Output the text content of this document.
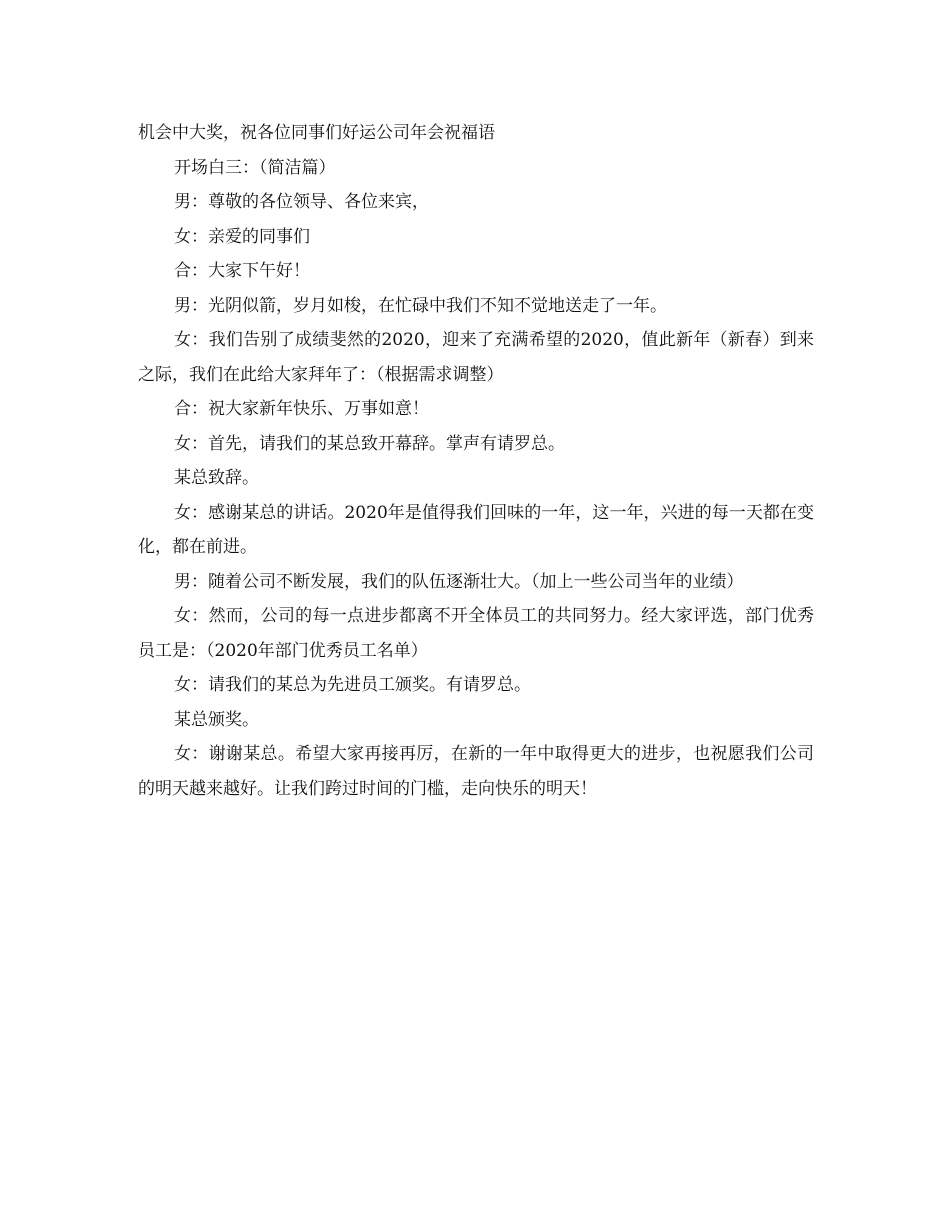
机会中大奖，祝各位同事们好运公司年会祝福语

开场白三：（简洁篇）

男：尊敬的各位领导、各位来宾，

女：亲爱的同事们

合：大家下午好！

男：光阴似箭，岁月如梭，在忙碌中我们不知不觉地送走了一年。

女：我们告别了成绩斐然的2020，迎来了充满希望的2020，值此新年（新春）到来之际，我们在此给大家拜年了：（根据需求调整）

合：祝大家新年快乐、万事如意！

女：首先，请我们的某总致开幕辞。掌声有请罗总。

某总致辞。

女：感谢某总的讲话。2020年是值得我们回味的一年，这一年，兴进的每一天都在变化，都在前进。

男：随着公司不断发展，我们的队伍逐渐壮大。（加上一些公司当年的业绩）

女：然而，公司的每一点进步都离不开全体员工的共同努力。经大家评选，部门优秀员工是：（2020年部门优秀员工名单）

女：请我们的某总为先进员工颁奖。有请罗总。

某总颁奖。

女：谢谢某总。希望大家再接再厉，在新的一年中取得更大的进步，也祝愿我们公司的明天越来越好。让我们跨过时间的门槛，走向快乐的明天！
